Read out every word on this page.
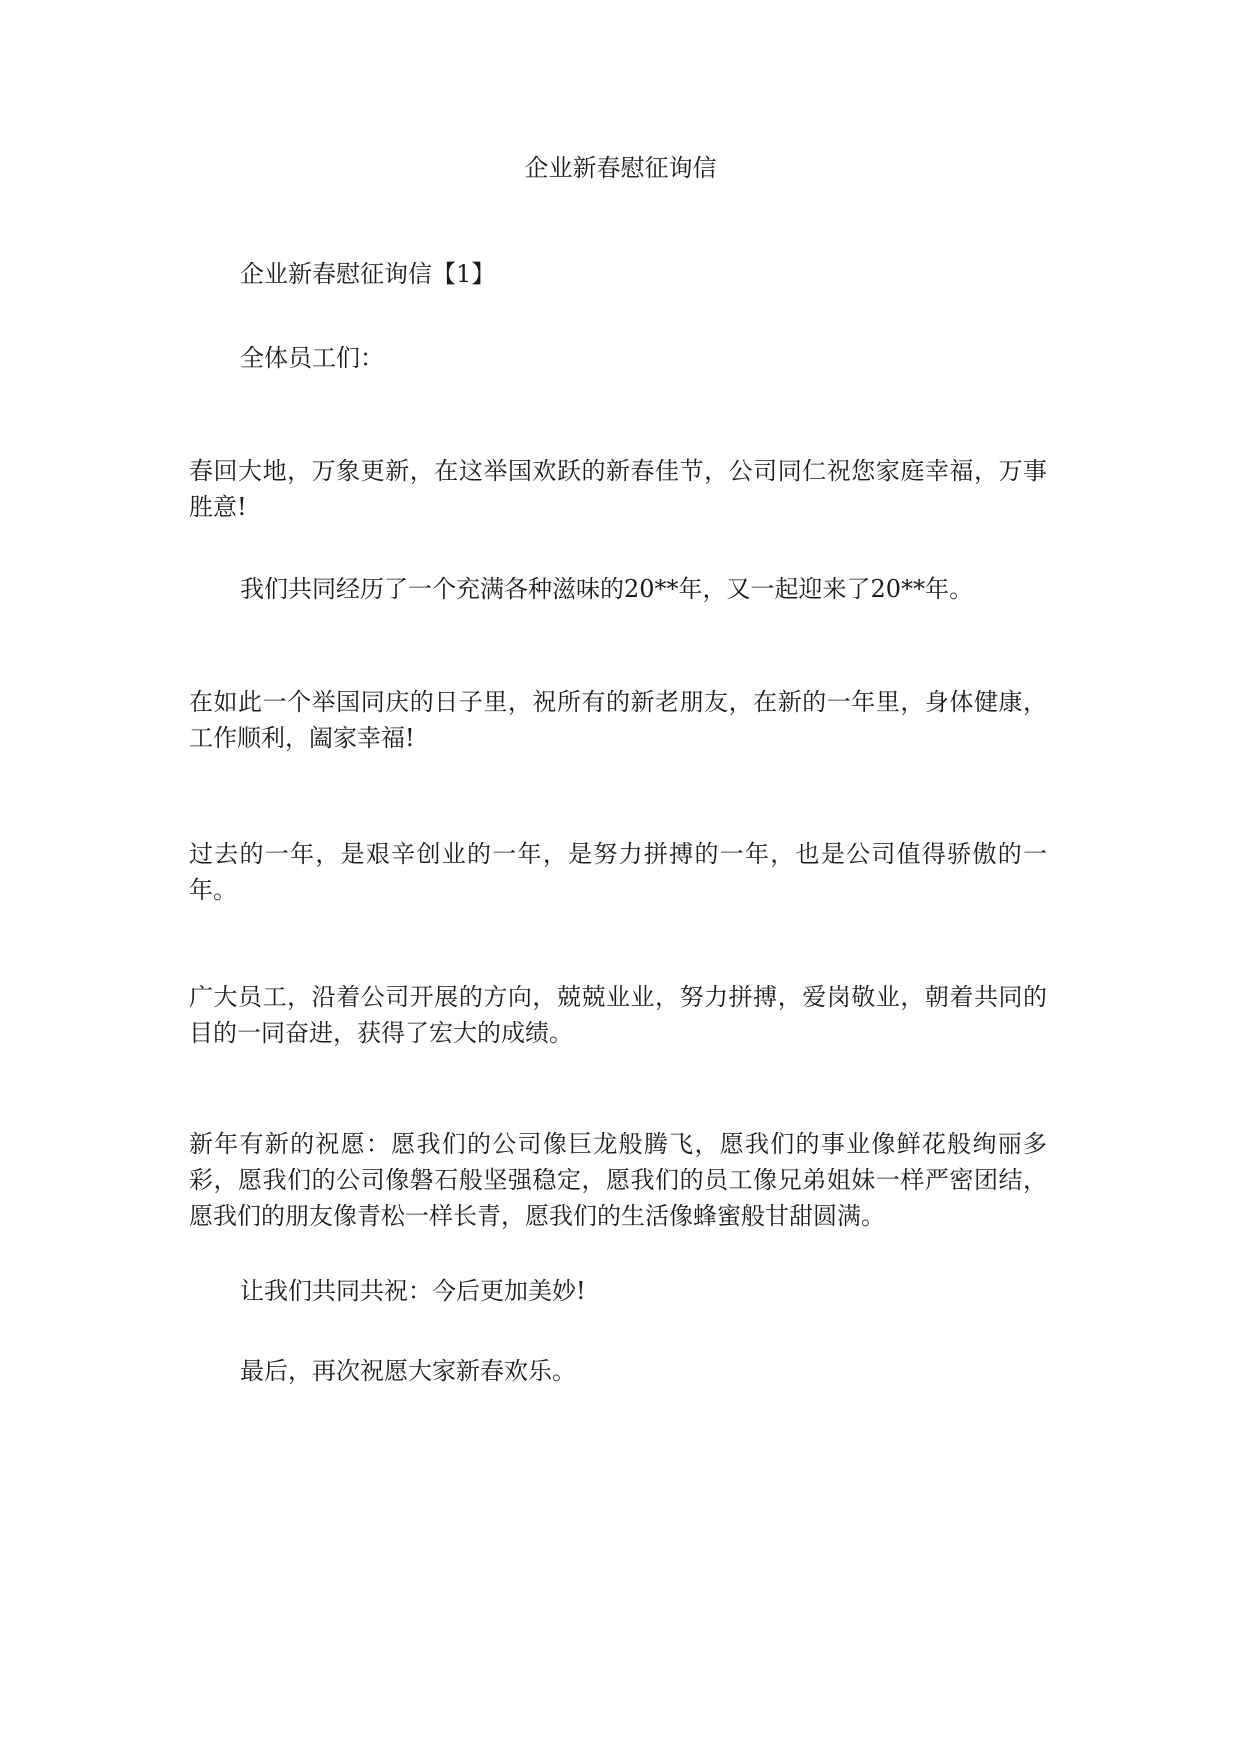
企业新春慰征询信

企业新春慰征询信【1】

全体员工们：

春回大地，万象更新，在这举国欢跃的新春佳节，公司同仁祝您家庭幸福，万事胜意!

我们共同经历了一个充满各种滋味的20**年，又一起迎来了20**年。

在如此一个举国同庆的日子里，祝所有的新老朋友，在新的一年里，身体健康，工作顺利，阖家幸福!

过去的一年，是艰辛创业的一年，是努力拼搏的一年，也是公司值得骄傲的一年。

广大员工，沿着公司开展的方向，兢兢业业，努力拼搏，爱岗敬业，朝着共同的目的一同奋进，获得了宏大的成绩。

新年有新的祝愿：愿我们的公司像巨龙般腾飞，愿我们的事业像鲜花般绚丽多彩，愿我们的公司像磐石般坚强稳定，愿我们的员工像兄弟姐妹一样严密团结，愿我们的朋友像青松一样长青，愿我们的生活像蜂蜜般甘甜圆满。

让我们共同共祝：今后更加美妙!

最后，再次祝愿大家新春欢乐。
